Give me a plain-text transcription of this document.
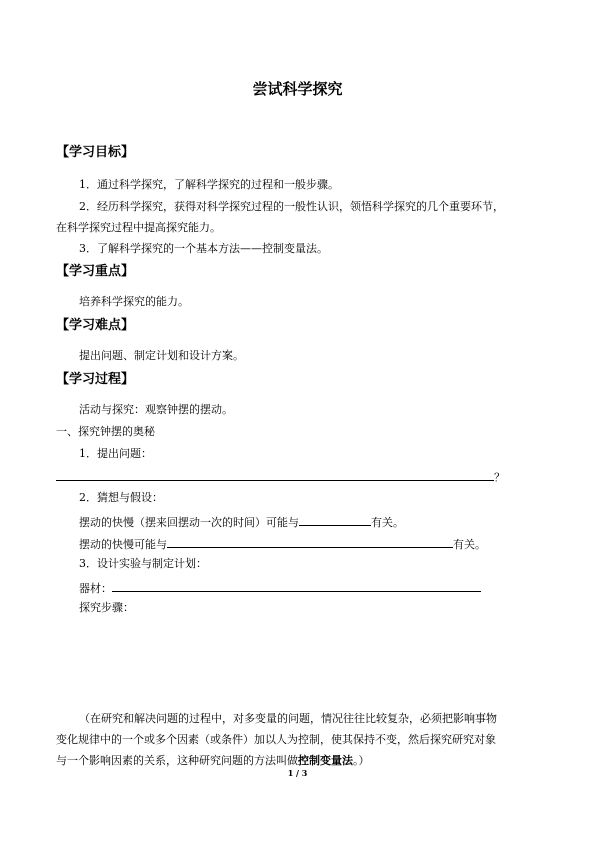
尝试科学探究
【学习目标】
1．通过科学探究，了解科学探究的过程和一般步骤。
2．经历科学探究，获得对科学探究过程的一般性认识，领悟科学探究的几个重要环节，
在科学探究过程中提高探究能力。
3．了解科学探究的一个基本方法——控制变量法。
【学习重点】
培养科学探究的能力。
【学习难点】
提出问题、制定计划和设计方案。
【学习过程】
活动与探究：观察钟摆的摆动。
一、探究钟摆的奥秘
1．提出问题：
？
2．猜想与假设：
摆动的快慢（摆来回摆动一次的时间）可能与	有关。
摆动的快慢可能与	有关。
3．设计实验与制定计划：
器材：
探究步骤：
（在研究和解决问题的过程中，对多变量的问题，情况往往比较复杂，必须把影响事物
变化规律中的一个或多个因素（或条件）加以人为控制，使其保持不变，然后探究研究对象
与一个影响因素的关系，这种研究问题的方法叫做控制变量法。）
1 / 3
